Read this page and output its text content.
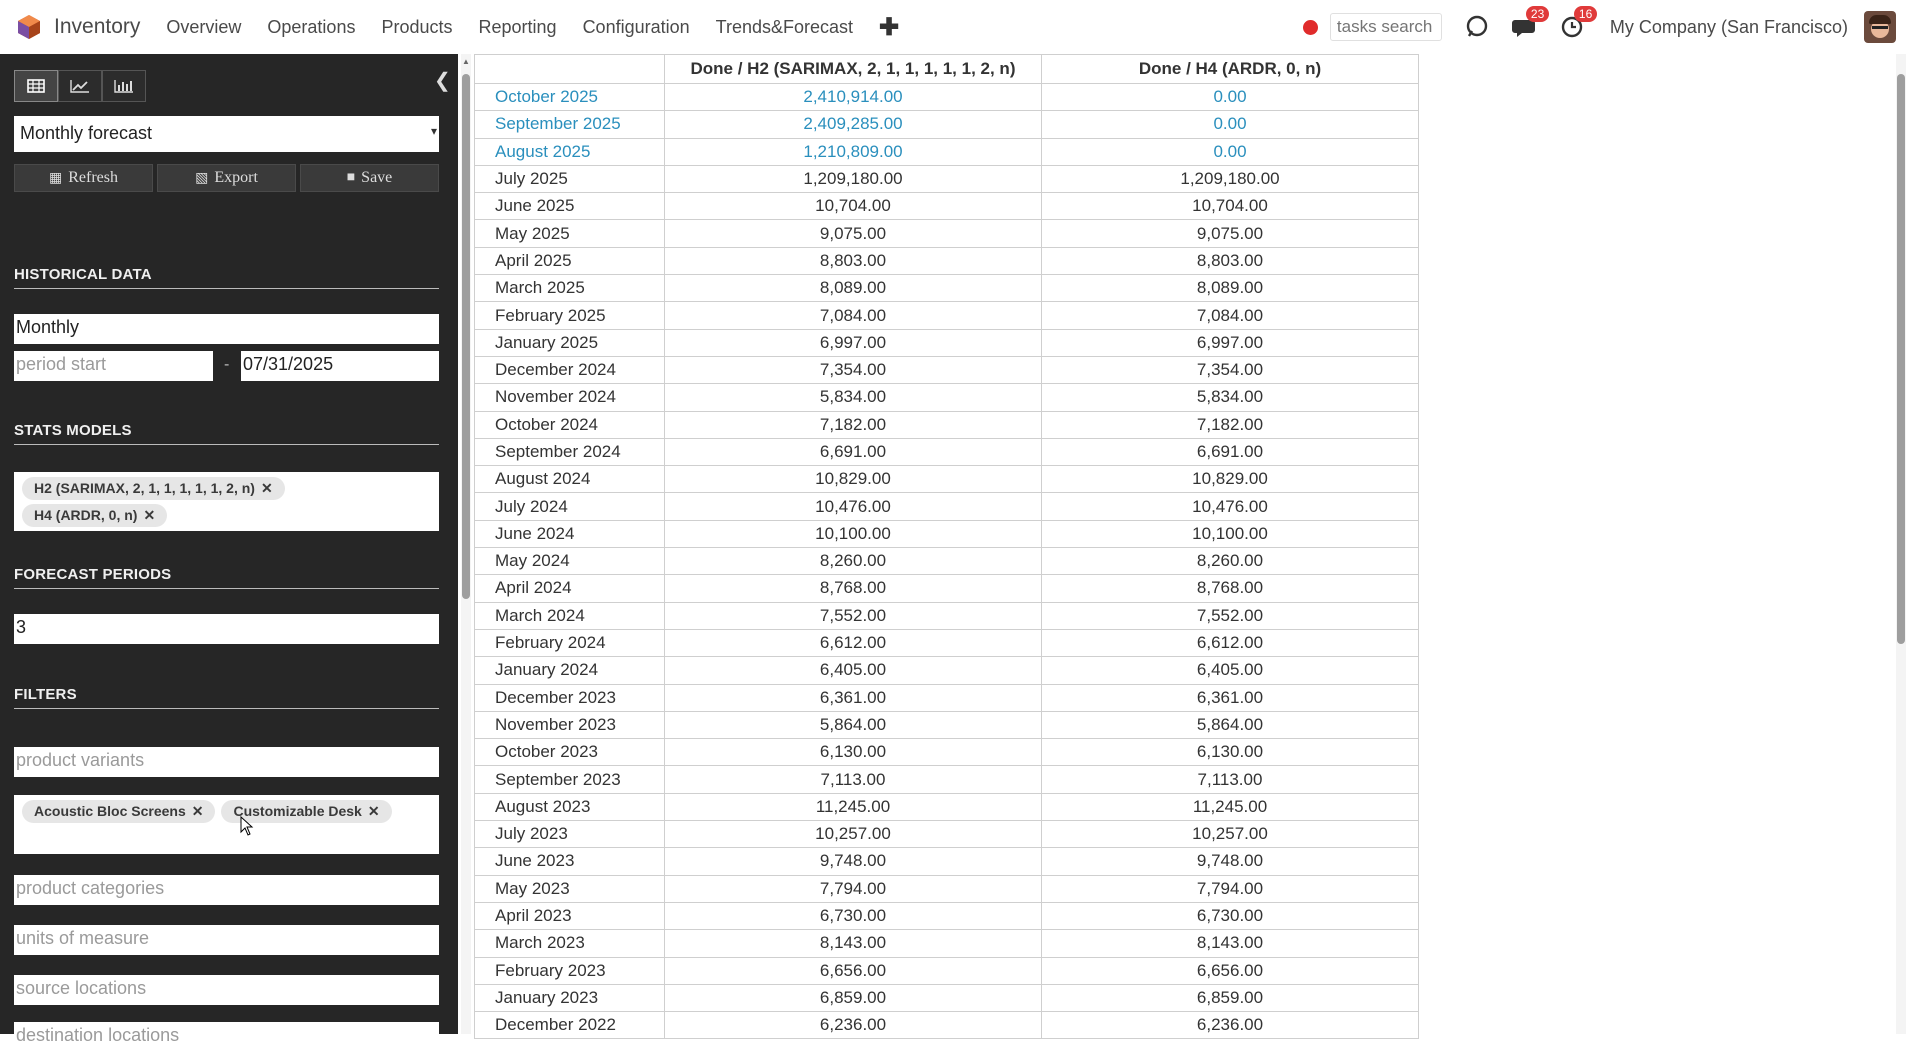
Inventory Overview Operations Products Reporting Configuration Trends&Forecast ✚
tasks search	23	16
My Company (San Francisco)
❮
Monthly forecast	▾
▦ Refresh	▧ Export	■ Save
HISTORICAL DATA
Monthly
period start	- 07/31/2025
STATS MODELS
H2 (SARIMAX, 2, 1, 1, 1, 1, 1, 2, n) ✕H4 (ARDR, 0, n) ✕
FORECAST PERIODS
3
FILTERS
product variants
Acoustic Bloc Screens ✕ Customizable Desk ✕
product categories
units of measure
source locations
destination locations
▲
		Done / H2 (SARIMAX, 2, 1, 1, 1, 1, 1, 2, n)	Done / H4 (ARDR, 0, n)
October 2025	2,410,914.00	0.00
September 2025	2,409,285.00	0.00
August 2025	1,210,809.00	0.00
July 2025	1,209,180.00	1,209,180.00
June 2025	10,704.00	10,704.00
May 2025	9,075.00	9,075.00
April 2025	8,803.00	8,803.00
March 2025	8,089.00	8,089.00
February 2025	7,084.00	7,084.00
January 2025	6,997.00	6,997.00
December 2024	7,354.00	7,354.00
November 2024	5,834.00	5,834.00
October 2024	7,182.00	7,182.00
September 2024	6,691.00	6,691.00
August 2024	10,829.00	10,829.00
July 2024	10,476.00	10,476.00
June 2024	10,100.00	10,100.00
May 2024	8,260.00	8,260.00
April 2024	8,768.00	8,768.00
March 2024	7,552.00	7,552.00
February 2024	6,612.00	6,612.00
January 2024	6,405.00	6,405.00
December 2023	6,361.00	6,361.00
November 2023	5,864.00	5,864.00
October 2023	6,130.00	6,130.00
September 2023	7,113.00	7,113.00
August 2023	11,245.00	11,245.00
July 2023	10,257.00	10,257.00
June 2023	9,748.00	9,748.00
May 2023	7,794.00	7,794.00
April 2023	6,730.00	6,730.00
March 2023	8,143.00	8,143.00
February 2023	6,656.00	6,656.00
January 2023	6,859.00	6,859.00
December 2022	6,236.00	6,236.00
